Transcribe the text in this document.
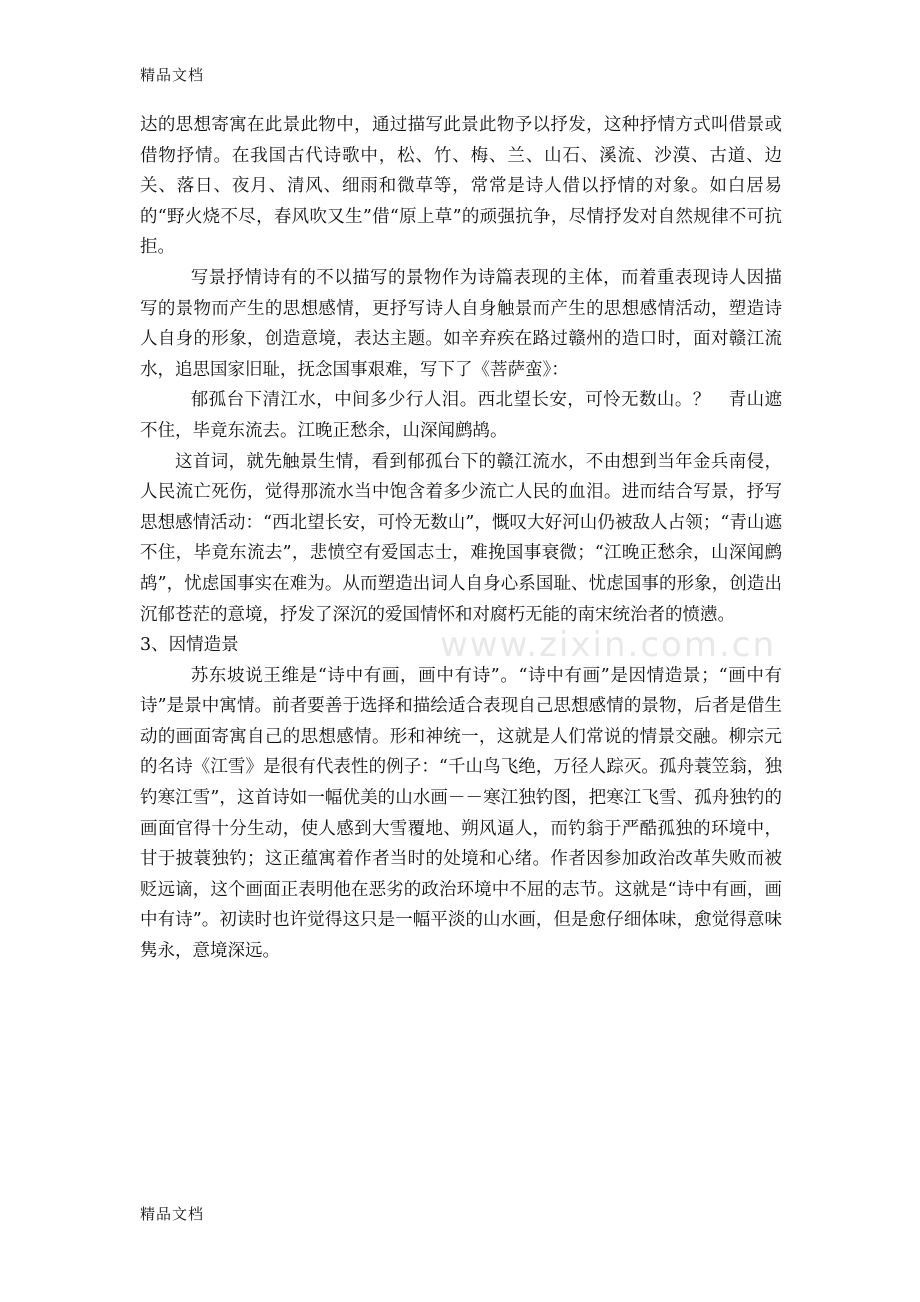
精品文档
www.zixin.com.cn

达的思想寄寓在此景此物中，通过描写此景此物予以抒发，这种抒情方式叫借景或借物抒情。在我国古代诗歌中，松、竹、梅、兰、山石、溪流、沙漠、古道、边关、落日、夜月、清风、细雨和微草等，常常是诗人借以抒情的对象。如白居易的“野火烧不尽，春风吹又生”借“原上草”的顽强抗争，尽情抒发对自然规律不可抗拒。

写景抒情诗有的不以描写的景物作为诗篇表现的主体，而着重表现诗人因描写的景物而产生的思想感情，更抒写诗人自身触景而产生的思想感情活动，塑造诗人自身的形象，创造意境，表达主题。如辛弃疾在路过赣州的造口时，面对赣江流水，追思国家旧耻，抚念国事艰难，写下了《菩萨蛮》：

郁孤台下清江水，中间多少行人泪。西北望长安，可怜无数山。？　青山遮不住，毕竟东流去。江晚正愁余，山深闻鹧鸪。

这首词，就先触景生情，看到郁孤台下的赣江流水，不由想到当年金兵南侵，人民流亡死伤，觉得那流水当中饱含着多少流亡人民的血泪。进而结合写景，抒写思想感情活动：“西北望长安，可怜无数山”，慨叹大好河山仍被敌人占领；“青山遮不住，毕竟东流去”，悲愤空有爱国志士，难挽国事衰微；“江晚正愁余，山深闻鹧鸪”，忧虑国事实在难为。从而塑造出词人自身心系国耻、忧虑国事的形象，创造出沉郁苍茫的意境，抒发了深沉的爱国情怀和对腐朽无能的南宋统治者的愤懑。

3、因情造景

苏东坡说王维是“诗中有画，画中有诗”。“诗中有画”是因情造景；“画中有诗”是景中寓情。前者要善于选择和描绘适合表现自己思想感情的景物，后者是借生动的画面寄寓自己的思想感情。形和神统一，这就是人们常说的情景交融。柳宗元的名诗《江雪》是很有代表性的例子：“千山鸟飞绝，万径人踪灭。孤舟蓑笠翁，独钓寒江雪”，这首诗如一幅优美的山水画－－寒江独钓图，把寒江飞雪、孤舟独钓的画面官得十分生动，使人感到大雪覆地、朔风逼人，而钓翁于严酷孤独的环境中，甘于披蓑独钓；这正蕴寓着作者当时的处境和心绪。作者因参加政治改革失败而被贬远谪，这个画面正表明他在恶劣的政治环境中不屈的志节。这就是“诗中有画，画中有诗”。初读时也许觉得这只是一幅平淡的山水画，但是愈仔细体味，愈觉得意味隽永，意境深远。

精品文档
